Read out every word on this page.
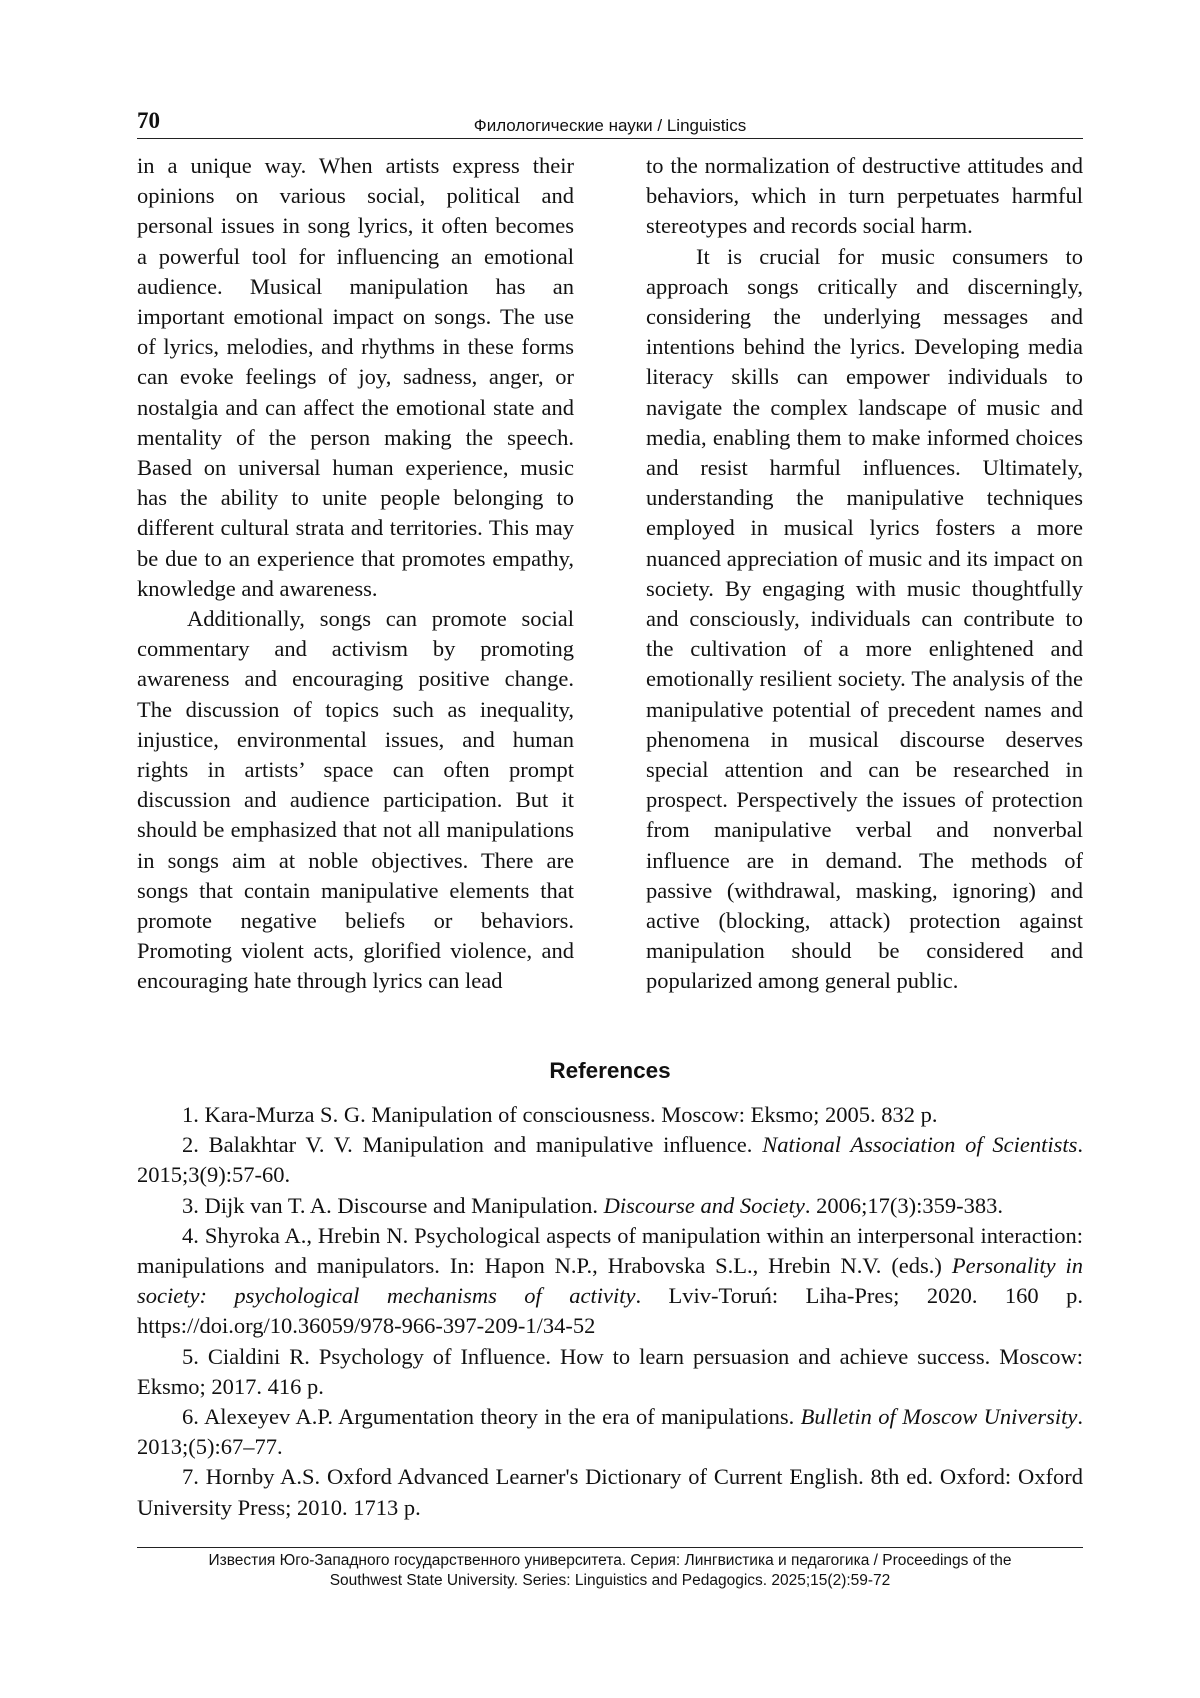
70	Филологические науки / Linguistics

in a unique way. When artists express their opinions on various social, political and personal issues in song lyrics, it often becomes a powerful tool for influencing an emotional audience. Musical manipulation has an important emotional impact on songs. The use of lyrics, melodies, and rhythms in these forms can evoke feelings of joy, sadness, anger, or nostalgia and can affect the emotional state and mentality of the person making the speech. Based on universal human experience, music has the ability to unite people belonging to different cultural strata and territories. This may be due to an experience that promotes empathy, knowledge and awareness.

Additionally, songs can promote social commentary and activism by promoting awareness and encouraging positive change. The discussion of topics such as inequality, injustice, environmental issues, and human rights in artists’ space can often prompt discussion and audience participation. But it should be emphasized that not all manipulations in songs aim at noble objectives. There are songs that contain manipulative elements that promote negative beliefs or behaviors. Promoting violent acts, glorified violence, and encouraging hate through lyrics can lead

to the normalization of destructive attitudes and behaviors, which in turn perpetuates harmful stereotypes and records social harm.

It is crucial for music consumers to approach songs critically and discerningly, considering the underlying messages and intentions behind the lyrics. Developing media literacy skills can empower individuals to navigate the complex landscape of music and media, enabling them to make informed choices and resist harmful influences. Ultimately, understanding the manipulative techniques employed in musical lyrics fosters a more nuanced appreciation of music and its impact on society. By engaging with music thoughtfully and consciously, individuals can contribute to the cultivation of a more enlightened and emotionally resilient society. The analysis of the manipulative potential of precedent names and phenomena in musical discourse deserves special attention and can be researched in prospect. Perspectively the issues of protection from manipulative verbal and nonverbal influence are in demand. The methods of passive (withdrawal, masking, ignoring) and active (blocking, attack) protection against manipulation should be considered and popularized among general public.

References

1. Kara-Murza S. G. Manipulation of consciousness. Moscow: Eksmo; 2005. 832 p.

2. Balakhtar V. V. Manipulation and manipulative influence. National Association of Scientists. 2015;3(9):57-60.

3. Dijk van T. A. Discourse and Manipulation. Discourse and Society. 2006;17(3):359-383.

4. Shyroka A., Hrebin N. Psychological aspects of manipulation within an interpersonal interaction: manipulations and manipulators. In: Hapon N.P., Hrabovska S.L., Hrebin N.V. (eds.) Personality in society: psychological mechanisms of activity. Lviv-Toruń: Liha-Pres; 2020. 160 p. https://doi.org/10.36059/978-966-397-209-1/34-52

5. Cialdini R. Psychology of Influence. How to learn persuasion and achieve success. Moscow: Eksmo; 2017. 416 p.

6. Alexeyev A.P. Argumentation theory in the era of manipulations. Bulletin of Moscow University. 2013;(5):67–77.

7. Hornby A.S. Oxford Advanced Learner's Dictionary of Current English. 8th ed. Oxford: Oxford University Press; 2010. 1713 p.

Известия Юго-Западного государственного университета. Серия: Лингвистика и педагогика / Proceedings of the
Southwest State University. Series: Linguistics and Pedagogics. 2025;15(2):59-72
